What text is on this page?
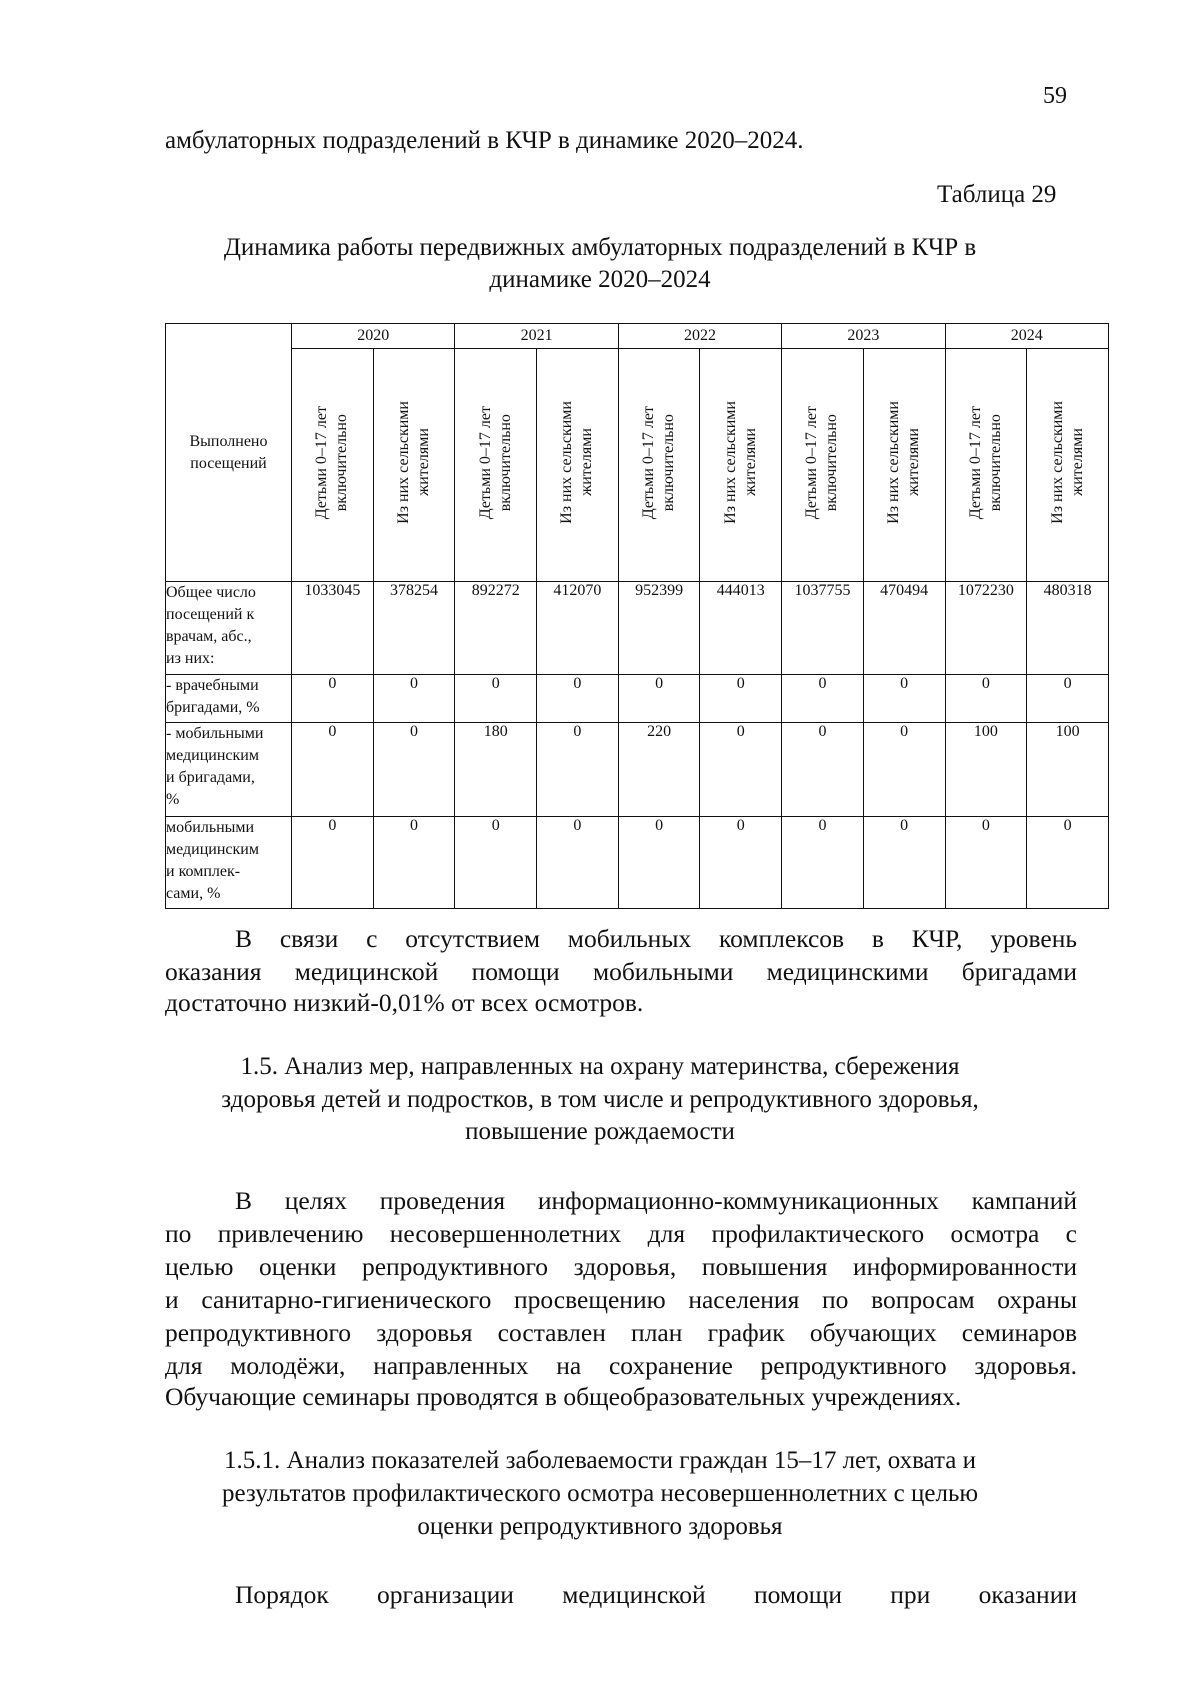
59
амбулаторных подразделений в КЧР в динамике 2020–2024.
Таблица 29
Динамика работы передвижных амбулаторных подразделений в КЧР в
динамике 2020–2024
Выполнено
посещений	2020		2021		2022		2023		2024	
	Детьми 0–17 лет включительно	Из них сельскими жителями	Детьми 0–17 лет включительно	Из них сельскими жителями	Детьми 0–17 лет включительно	Из них сельскими жителями	Детьми 0–17 лет включительно	Из них сельскими жителями	Детьми 0–17 лет включительно	Из них сельскими жителями

Общее число
посещений к
врачам, абс.,
из них:	1033045	378254	892272	412070	952399	444013	1037755	470494	1072230	480318

- врачебными
бригадами, %	0	0	0	0	0	0	0	0	0	0

- мобильными
медицинским
и бригадами,
%	0	0	180	0	220	0	0	0	100	100

мобильными
медицинским
и комплек-
сами, %	0	0	0	0	0	0	0	0	0	0
В связи с отсутствием мобильных комплексов в КЧР, уровень
оказания медицинской помощи мобильными медицинскими бригадами
достаточно низкий-0,01% от всех осмотров.
1.5. Анализ мер, направленных на охрану материнства, сбережения
здоровья детей и подростков, в том числе и репродуктивного здоровья,
повышение рождаемости
В целях проведения информационно-коммуникационных кампаний
по привлечению несовершеннолетних для профилактического осмотра с
целью оценки репродуктивного здоровья, повышения информированности
и санитарно-гигиенического просвещению населения по вопросам охраны
репродуктивного здоровья составлен план график обучающих семинаров
для молодёжи, направленных на сохранение репродуктивного здоровья.
Обучающие семинары проводятся в общеобразовательных учреждениях.
1.5.1. Анализ показателей заболеваемости граждан 15–17 лет, охвата и
результатов профилактического осмотра несовершеннолетних с целью
оценки репродуктивного здоровья
Порядок организации медицинской помощи при оказании
